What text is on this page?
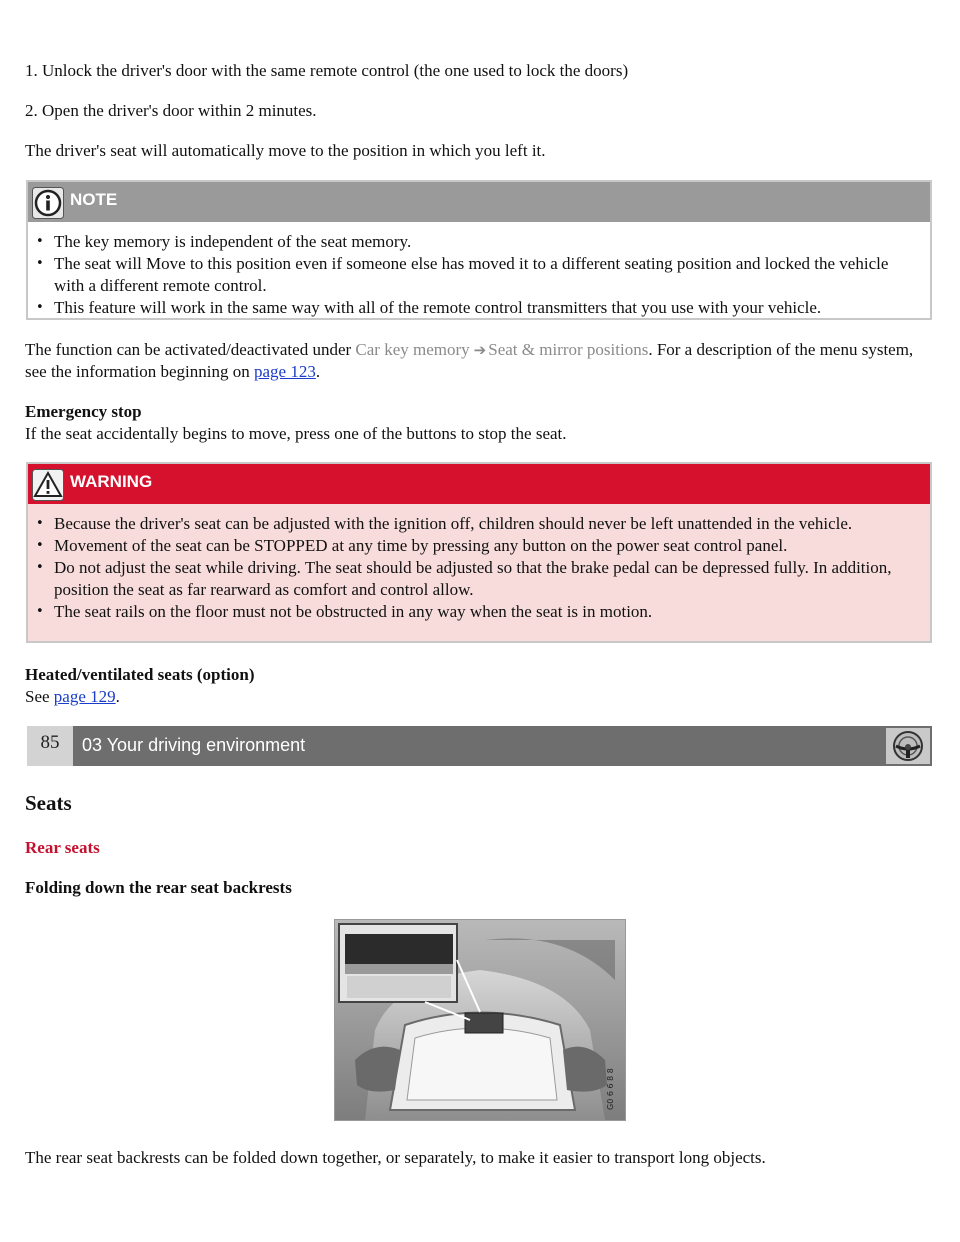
1. Unlock the driver's door with the same remote control (the one used to lock the doors)

2. Open the driver's door within 2 minutes.

The driver's seat will automatically move to the position in which you left it.

NOTE
• The key memory is independent of the seat memory.
• The seat will Move to this position even if someone else has moved it to a different seating position and locked the vehicle with a different remote control.
• This feature will work in the same way with all of the remote control transmitters that you use with your vehicle.

The function can be activated/deactivated under Car key memory ➔ Seat & mirror positions. For a description of the menu system, see the information beginning on page 123.

Emergency stop

If the seat accidentally begins to move, press one of the buttons to stop the seat.

WARNING
• Because the driver's seat can be adjusted with the ignition off, children should never be left unattended in the vehicle.
• Movement of the seat can be STOPPED at any time by pressing any button on the power seat control panel.
• Do not adjust the seat while driving. The seat should be adjusted so that the brake pedal can be depressed fully. In addition, position the seat as far rearward as comfort and control allow.
• The seat rails on the floor must not be obstructed in any way when the seat is in motion.

Heated/ventilated seats (option)

See page 129.

85	03 Your driving environment
Seats
Rear seats
Folding down the rear seat backrests
G0 6 6 8 8

The rear seat backrests can be folded down together, or separately, to make it easier to transport long objects.
